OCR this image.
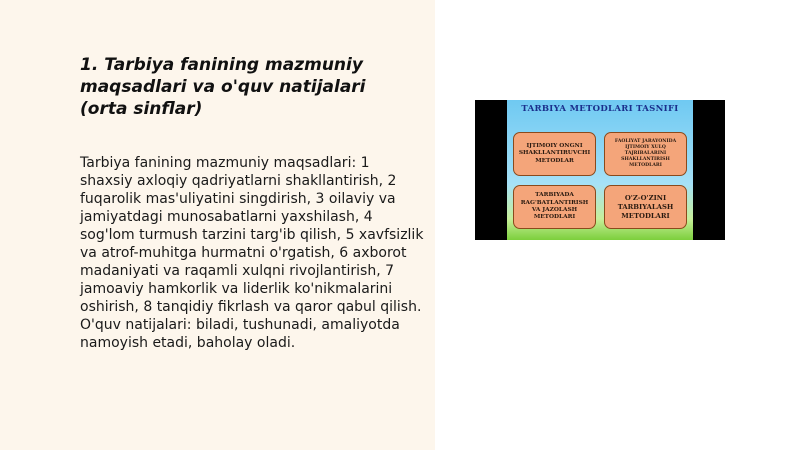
1. Tarbiya fanining mazmuniy maqsadlari va o'quv natijalari (orta sinflar)

Tarbiya fanining mazmuniy maqsadlari: 1 shaxsiy axloqiy qadriyatlarni shakllantirish, 2 fuqarolik mas'uliyatini singdirish, 3 oilaviy va jamiyatdagi munosabatlarni yaxshilash, 4 sog'lom turmush tarzini targ'ib qilish, 5 xavfsizlik va atrof-muhitga hurmatni o'rgatish, 6 axborot madaniyati va raqamli xulqni rivojlantirish, 7 jamoaviy hamkorlik va liderlik ko'nikmalarini oshirish, 8 tanqidiy fikrlash va qaror qabul qilish. O'quv natijalari: biladi, tushunadi, amaliyotda namoyish etadi, baholay oladi.

TARBIYA METODLARI TASNIFI
IJTIMOIY ONGNI SHAKLLANTIRUVCHI METODLAR
FAOLIYAT JARAYONIDA IJTIMOIY XULQ TAJRIBALARINI SHAKLLANTIRISH METODLARI
TARBIYADA RAG'BATLANTIRISH VA JAZOLASH METODLARI
O'Z-O'ZINI TARBIYALASH METODLARI
